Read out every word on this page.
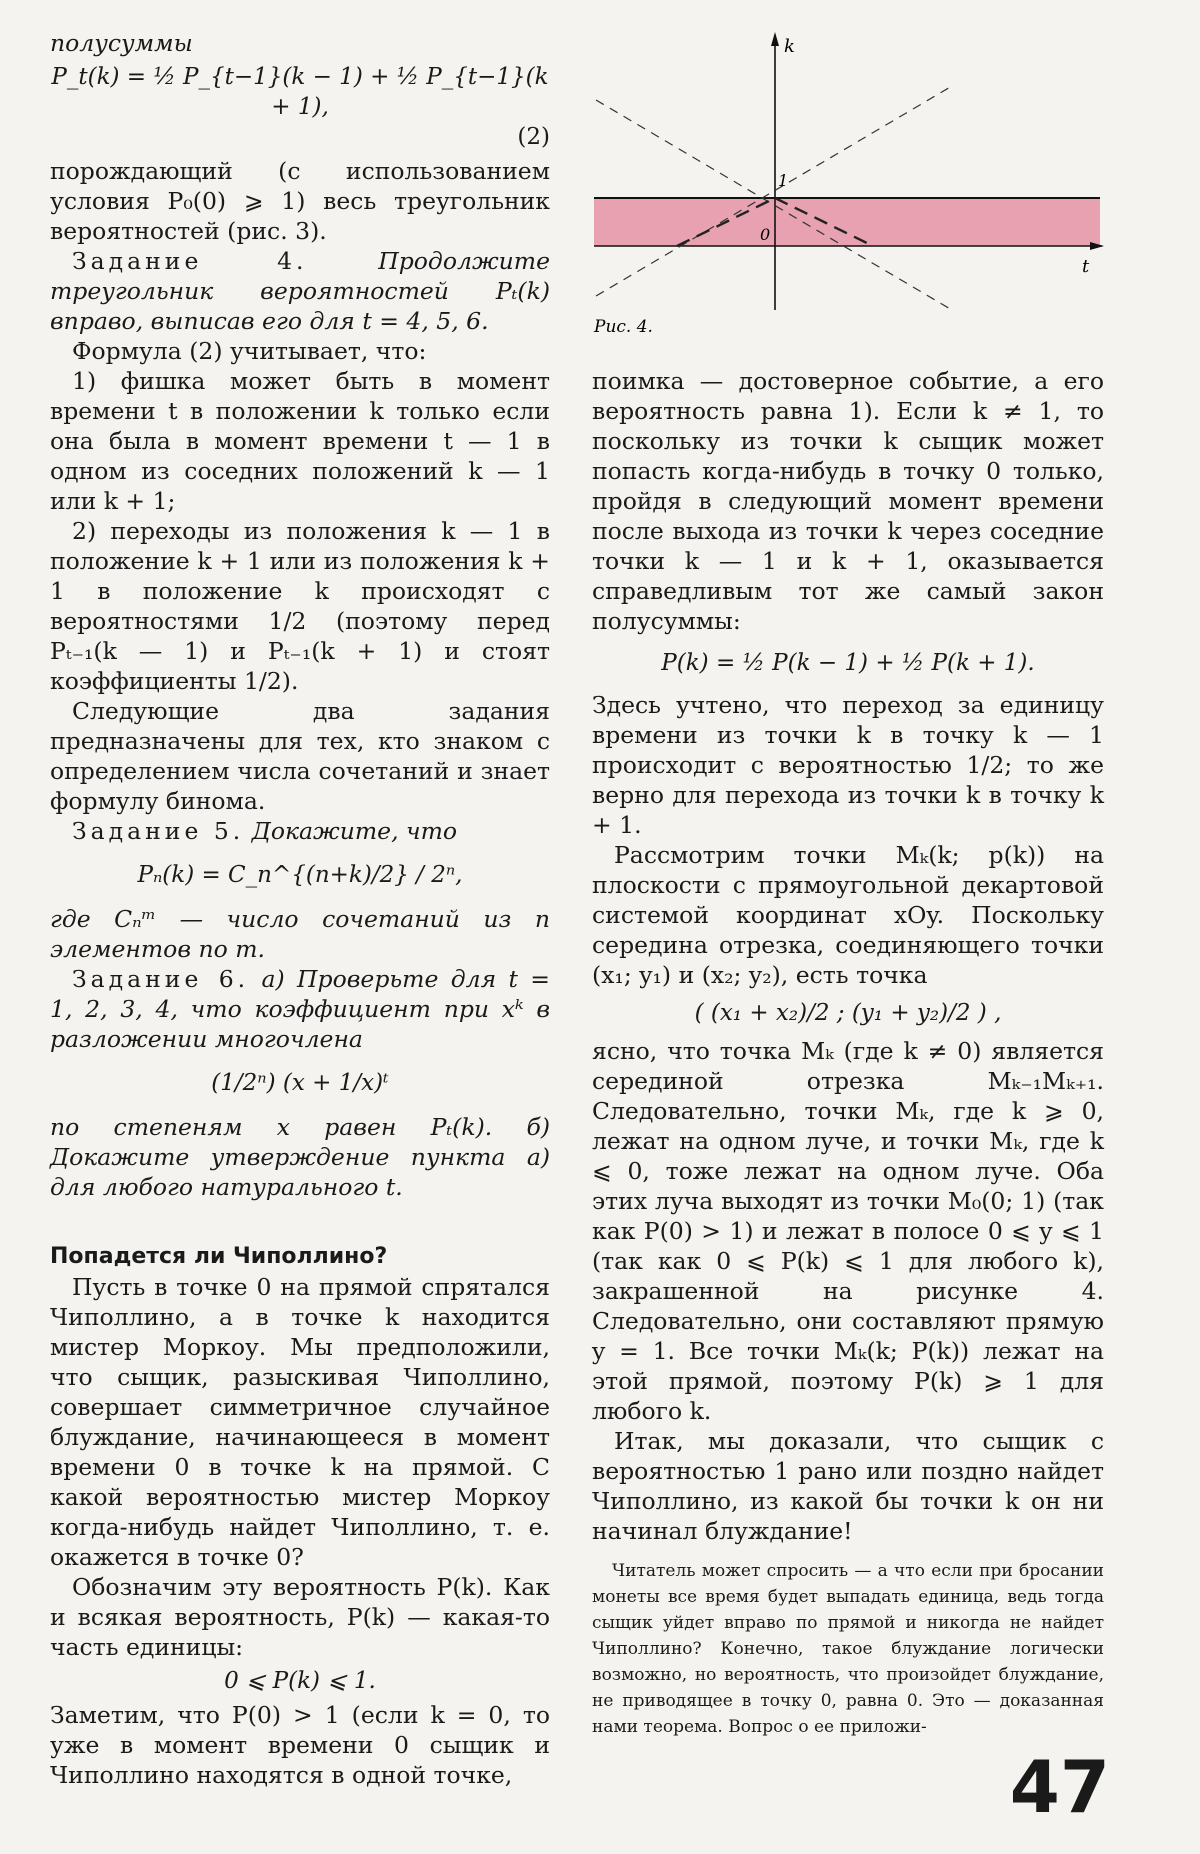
полусуммы

P_t(k) = ½ P_{t−1}(k − 1) + ½ P_{t−1}(k + 1),
(2)

порождающий (с использованием условия P₀(0) ⩾ 1) весь треугольник вероятностей (рис. 3).

Задание 4.	Продолжите треугольник вероятностей Pₜ(k) вправо, выписав его для t = 4, 5, 6.

Формула (2) учитывает, что:

1) фишка может быть в момент времени t в положении k только если она была в момент времени t — 1 в одном из соседних положений k — 1 или k + 1;

2) переходы из положения k — 1 в положение k + 1 или из положения k + 1 в положение k происходят с вероятностями 1/2 (поэтому перед Pₜ₋₁(k — 1) и Pₜ₋₁(k + 1) и стоят коэффициенты 1/2).

Следующие два задания предназначены для тех, кто знаком с определением числа сочетаний и знает формулу бинома.

Задание 5. Докажите, что

Pₙ(k) = C_n^{(n+k)/2} / 2ⁿ,

где Cₙᵐ — число сочетаний из n элементов по m.

Задание 6. а) Проверьте для t = 1, 2, 3, 4, что коэффициент при xᵏ в разложении многочлена

(1/2ⁿ) (x + 1/x)ᵗ

по степеням x равен Pₜ(k). б) Докажите утверждение пункта а) для любого натурального t.

Попадется ли Чиполлино?

Пусть в точке 0 на прямой спрятался Чиполлино, а в точке k находится мистер Моркоу. Мы предположили, что сыщик, разыскивая Чиполлино, совершает симметричное случайное блуждание, начинающееся в момент времени 0 в точке k на прямой. С какой вероятностью мистер Моркоу когда-нибудь найдет Чиполлино, т. е. окажется в точке 0?

Обозначим эту вероятность P(k). Как и всякая вероятность, P(k) — какая-то часть единицы:

0 ⩽ P(k) ⩽ 1.

Заметим, что P(0) > 1 (если k = 0, то уже в момент времени 0 сыщик и Чиполлино находятся в одной точке,

k
t
1
0
Рис. 4.

поимка — достоверное событие, а его вероятность равна 1). Если k ≠ 1, то поскольку из точки k сыщик может попасть когда-нибудь в точку 0 только, пройдя в следующий момент времени после выхода из точки k через соседние точки k — 1 и k + 1, оказывается справедливым тот же самый закон полусуммы:

P(k) = ½ P(k − 1) + ½ P(k + 1).

Здесь учтено, что переход за единицу времени из точки k в точку k — 1 происходит с вероятностью 1/2; то же верно для перехода из точки k в точку k + 1.

Рассмотрим точки Mₖ(k; p(k)) на плоскости с прямоугольной декартовой системой координат xOy. Поскольку середина отрезка, соединяющего точки (x₁; y₁) и (x₂; y₂), есть точка

( (x₁ + x₂)/2 ; (y₁ + y₂)/2 ) ,

ясно, что точка Mₖ (где k ≠ 0) является серединой отрезка Mₖ₋₁Mₖ₊₁. Следовательно, точки Mₖ, где k ⩾ 0, лежат на одном луче, и точки Mₖ, где k ⩽ 0, тоже лежат на одном луче. Оба этих луча выходят из точки M₀(0; 1) (так как P(0) > 1) и лежат в полосе 0 ⩽ y ⩽ 1 (так как 0 ⩽ P(k) ⩽ 1 для любого k), закрашенной на рисунке 4. Следовательно, они составляют прямую y = 1. Все точки Mₖ(k; P(k)) лежат на этой прямой, поэтому P(k) ⩾ 1 для любого k.

Итак, мы доказали, что сыщик с вероятностью 1 рано или поздно найдет Чиполлино, из какой бы точки k он ни начинал блуждание!

Читатель может спросить — а что если при бросании монеты все время будет выпадать единица, ведь тогда сыщик уйдет вправо по прямой и никогда не найдет Чиполлино? Конечно, такое блуждание логически возможно, но вероятность, что произойдет блуждание, не приводящее в точку 0, равна 0. Это — доказанная нами теорема. Вопрос о ее приложи-

47
